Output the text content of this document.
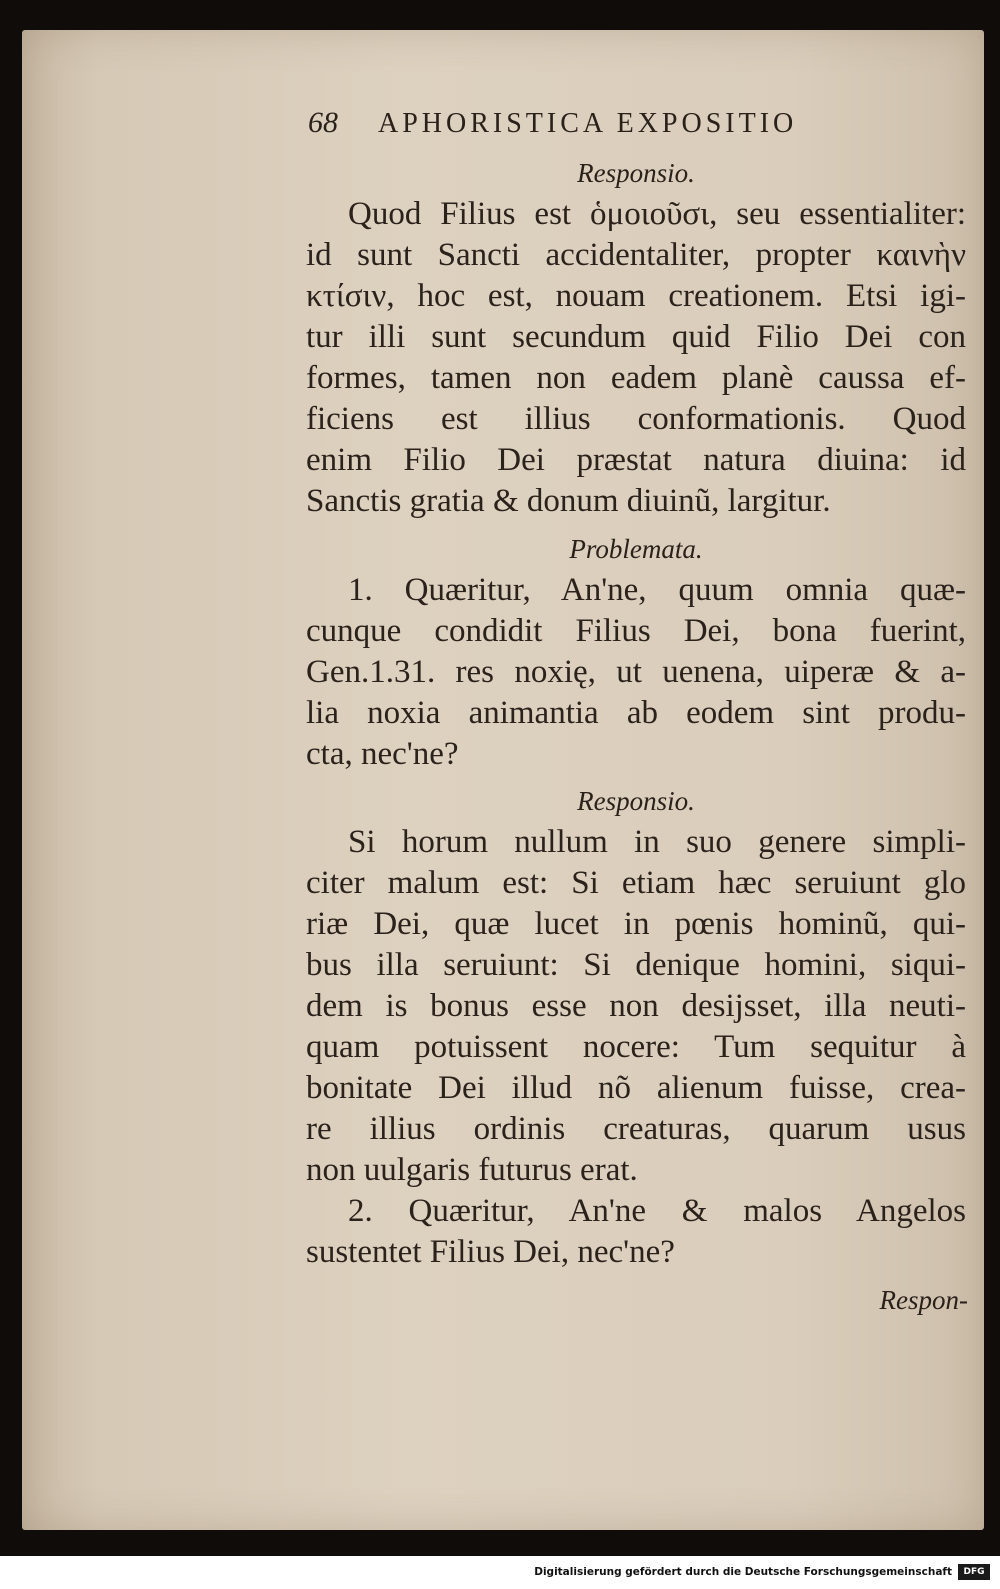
68 APHORISTICA EXPOSITIO
Responsio.
Quod Filius est ὁμοιοῦσι, seu essentialiter:
id sunt Sancti accidentaliter, propter καινὴν
κτίσιν, hoc est, nouam creationem. Etsi igi-
tur illi sunt secundum quid Filio Dei con
formes, tamen non eadem planè caussa ef-
ficiens est illius conformationis. Quod
enim Filio Dei præstat natura diuina: id
Sanctis gratia & donum diuinũ, largitur.
Problemata.
1. Quæritur, An'ne, quum omnia quæ-
cunque condidit Filius Dei, bona fuerint,
Gen.1.31. res noxię, ut uenena, uiperæ & a-
lia noxia animantia ab eodem sint produ-
cta, nec'ne?
Responsio.
Si horum nullum in suo genere simpli-
citer malum est: Si etiam hæc seruiunt glo
riæ Dei, quæ lucet in pœnis hominũ, qui-
bus illa seruiunt: Si denique homini, siqui-
dem is bonus esse non desijsset, illa neuti-
quam potuissent nocere: Tum sequitur à
bonitate Dei illud nõ alienum fuisse, crea-
re illius ordinis creaturas, quarum usus
non uulgaris futurus erat.
2. Quæritur, An'ne & malos Angelos
sustentet Filius Dei, nec'ne?
Respon-
Digitalisierung gefördert durch die Deutsche Forschungsgemeinschaft	DFG
